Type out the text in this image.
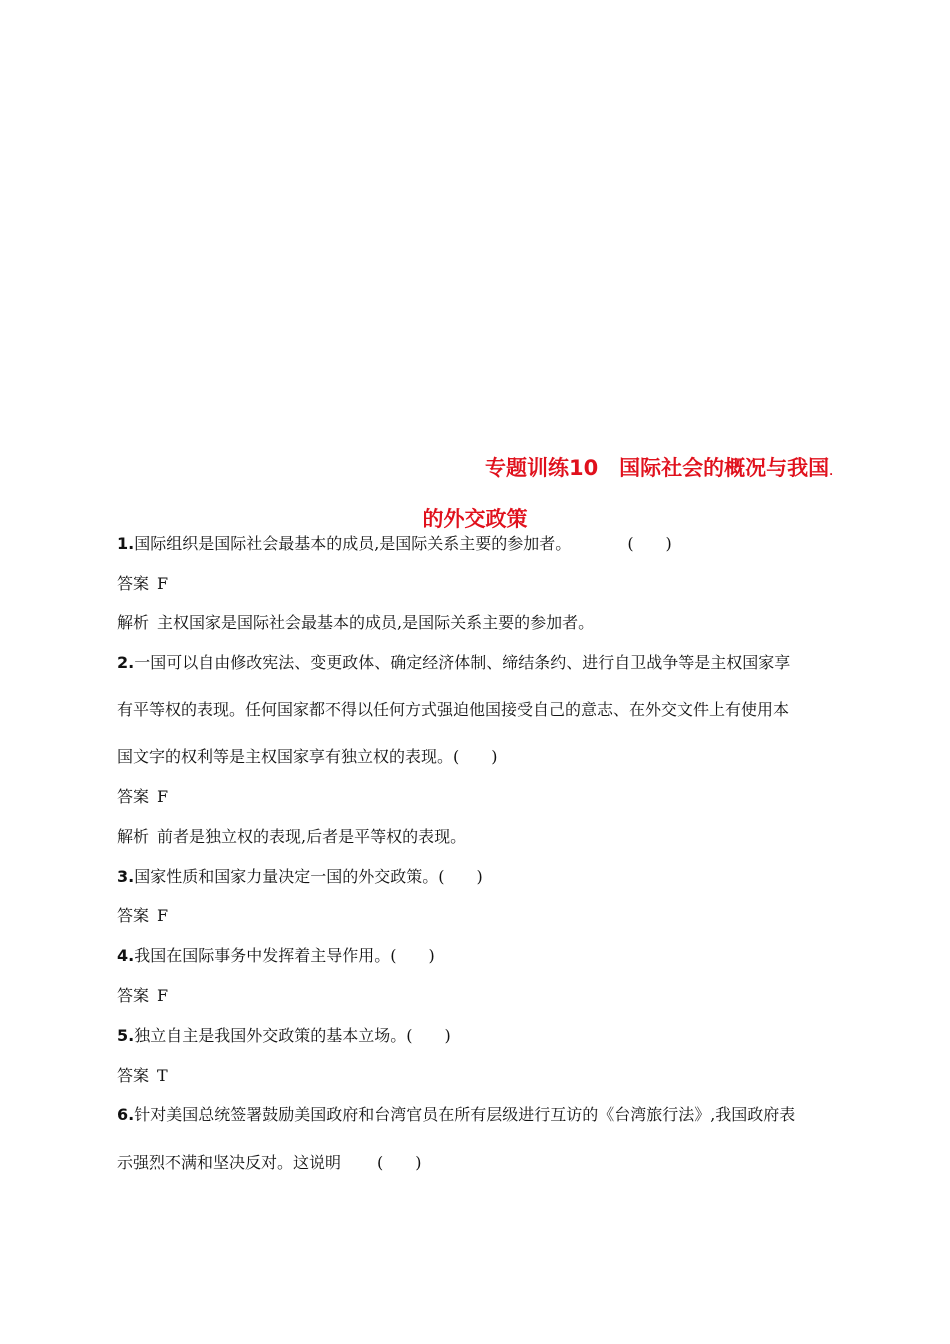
专题训练10　国际社会的概况与我国.
的外交政策
1.国际组织是国际社会最基本的成员,是国际关系主要的参加者。	(　　)
答案 F
解析 主权国家是国际社会最基本的成员,是国际关系主要的参加者。
2.一国可以自由修改宪法、变更政体、确定经济体制、缔结条约、进行自卫战争等是主权国家享
有平等权的表现。任何国家都不得以任何方式强迫他国接受自己的意志、在外交文件上有使用本
国文字的权利等是主权国家享有独立权的表现。(　　)
答案 F
解析 前者是独立权的表现,后者是平等权的表现。
3.国家性质和国家力量决定一国的外交政策。(　　)
答案 F
4.我国在国际事务中发挥着主导作用。(　　)
答案 F
5.独立自主是我国外交政策的基本立场。(　　)
答案 T
6.针对美国总统签署鼓励美国政府和台湾官员在所有层级进行互访的《台湾旅行法》,我国政府表
示强烈不满和坚决反对。这说明 (　　)
